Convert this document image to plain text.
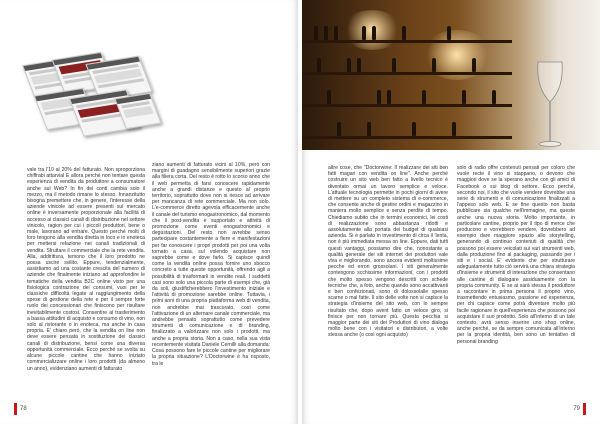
vale tra l'10 al 20% del fatturato. Non sproporziona chiffrabi attarvial E allora perché non tentare questa esperienza di vendita da produttore a consumatore anche sul Web? In fin dei conti cambia solo il mezzo, ma il metodo rimane lo stesso. Innanzitutto bisogna premettere che, in genere, l'interesse della aziende vinicole ad essere presenti sul mercato online è inversamente proporzionale alla facilità di accesso ai classici canali di distribuzione nel settore vinicolo, ragion per cui i piccoli produttori, bene o male, lavorano ad entrare. Questo perché molti di loro tengono alla vendita diretta in loco e in enoteca per mettersi relazione nei canali tradizionali di vendita. Sfruttare il commerciale che la rete vendita. Alla, addirittura, temono che il loro prodotto ne possa uscire svilito. Eppure, tendenzialmente, assistiamo ad una costante crescita del numero di aziende che finalmente iniziano ad approfondire le tematiche della vendita B2C online visto per una fisiologica contrazione dei consumi, vuoi per le classiche difficoltà legate al raggiungimento della spese di gestione della rete e per il sempre forte ruolo dei concessionari che finiscono per risultare inevitabilmente costosi. Consentire al trasferimento a bassa attitudini di acquisto e consumo di vino, non solo al ristorante o in enoteca, ma anche in casa propria. E' chiaro però, che la vendita on line non deve essere pensata in sostituzione dei classici canali di distribuzione, bensì come una diversa opportunità commerciale. Ecco perché se svolta su alcune piccole cantine che hanno iniziato commercializzare online i loro prodotti (da almeno un anno), evidenziano aumenti di fatturato

ziano aumenti di fatturato vicini al 10%, però con margini di guadagno sensibilmente superiori grazie alla filiera corta. Del resto è rotto lo scorso anno che il web permetta di farsi conoscere rapidamente anche a grandi distanze e questo al proprio territorio, soprattutto dove non si riesce ad arrivare per mancanza di rete commerciale. Ma non solo. L'e-commerce diretto agevola efficacemente anche il canale del turismo enogastronomico, dal momento che il post-vendita è supportato e attività di promozione come eventi enogastronomici e degustazioni. Del resto non avrebbe senso partecipare costantemente a fiere e manifestazioni per far conoscere i propri prodotti per poi una volta tornato a casa, sul volendo acquistare non saprebbe come e dove farlo. Si capisce quindi come la vendita online possa fornire uno sbocco concreto a tutte queste opportunità, offrendo agli a possibilità di trasformarli in vendite reali. I suddetti casi sono solo una piccola parte di esempi che, già da soli, giustificherebbero l'investimento iniziale e l'attività di promozione sarebbe online. Tuttavia, i primi anni di una propria piattaforma web di vendita, non andrebbe mai trascurato, così come l'attivazione di un alternare canale commerciale, ma andrebbe pensato soprattutto come prevedere strumenti di comunicazione e di branding, finalizzato a valorizzare non solo i prodotti, ma anche a propria storia. Non a caso, nella sua vista recentemente visitata Daniele Cernilli alla domanda: Cosa possono fare le piccole cantine per migliorare la propria situazione? L'Doctorwine è ha risposto, tra le

78

altre cose, che "Doctorwine: Il realizzare dei siti ben fatti magari con vendita on line". Anche perché costruire un sito web ben fatto a livello tecnico è diventato ormai un lavoro semplice e veloce. L'attuale tecnologia permette in pochi giorni di avere di mettere su un completo sistema di e-commerce, che consente anche di gestire ordini e magazzino in maniera molto semplice e senza perdite di tempo. Chiediamo subito che in termini economici, lei costi di realizzazione sono abbastanza ridotti e assolutamente alla portata dei budget di qualsiasi azienda. Si è parlato in investimento di circa il 'lenta, non è più immediata messa on line. Eppure, dati tutti questi vantaggi, possiamo dire che, nonostante a qualità generale dei siti internet dei produttori vale viva e migliorando, sono ancora evidenti moltissime pecche ed errori grossolani. I siti generalmente contengono scchissime informazioni, con i prodotti che molto spesso vengono descritti con schede tecniche che, a foto, anche quando sono accattivanti e ben confezionati, sono di dolossolalle spesso scarne o mal fatte. Il sito delle volte non si capisce la strategia d'insieme del sito web, con lo sempre risultato che, dopo avent fatto un veloce giro, si finisce per non tornare più. Questa pecchia si maggior parte dei siti dei Produttori di vino dialoga molto bene con i visitatori e distributori, a volte stessa anche (o così ogni acquisto)

solo di radio offre contenuti pensati per coloro che vuole recte il vino si stappano, o devono che maggiori dove se la sperano anche con gli amici di Facebook o sui blog di settore. Ecco perché, secondo noi, il sito che vuole vendere dovrebbe una serie di strumenti e di comunicazione finalizzati a l'appeso solo web. E se fine questo non basta pubblicare sia qualche nell'immagine, ma queste anche una nuova storia. Molto importante, in particolare cantine, proprio per il tipo di merce che producono e vorrebbero vendere, dovrebbero ad esempio dare maggiore spazio allo storytelling, generando di continuo contenuti di qualità che possono poi essere veicolati sui vari strumenti web, dalla produzione fino al packaging, passando per i siti e i social. E' evidente che per strutturare adeguatamente tutto ciò servirà una chiara strategia d'insieme e strumenti di interazione che consentano alle cantine di dialogare assiduamente con la propria community. E se ai sarà stessa il produttore a raccontare in prima persona il proprio vino, trasmettendo entusiasmo, passione ed esperienza, per chi capisce come potrà diventare molto più facile ragionare in quell'esperienza che possono poi acquistare il suo prodotto. Solo all'interno di un tale contesto, avrà senso inserire uno shop online, anche perché, se da sempre comunicata all'interno per la propria identità, ben sono un tentativo di personal branding

79
